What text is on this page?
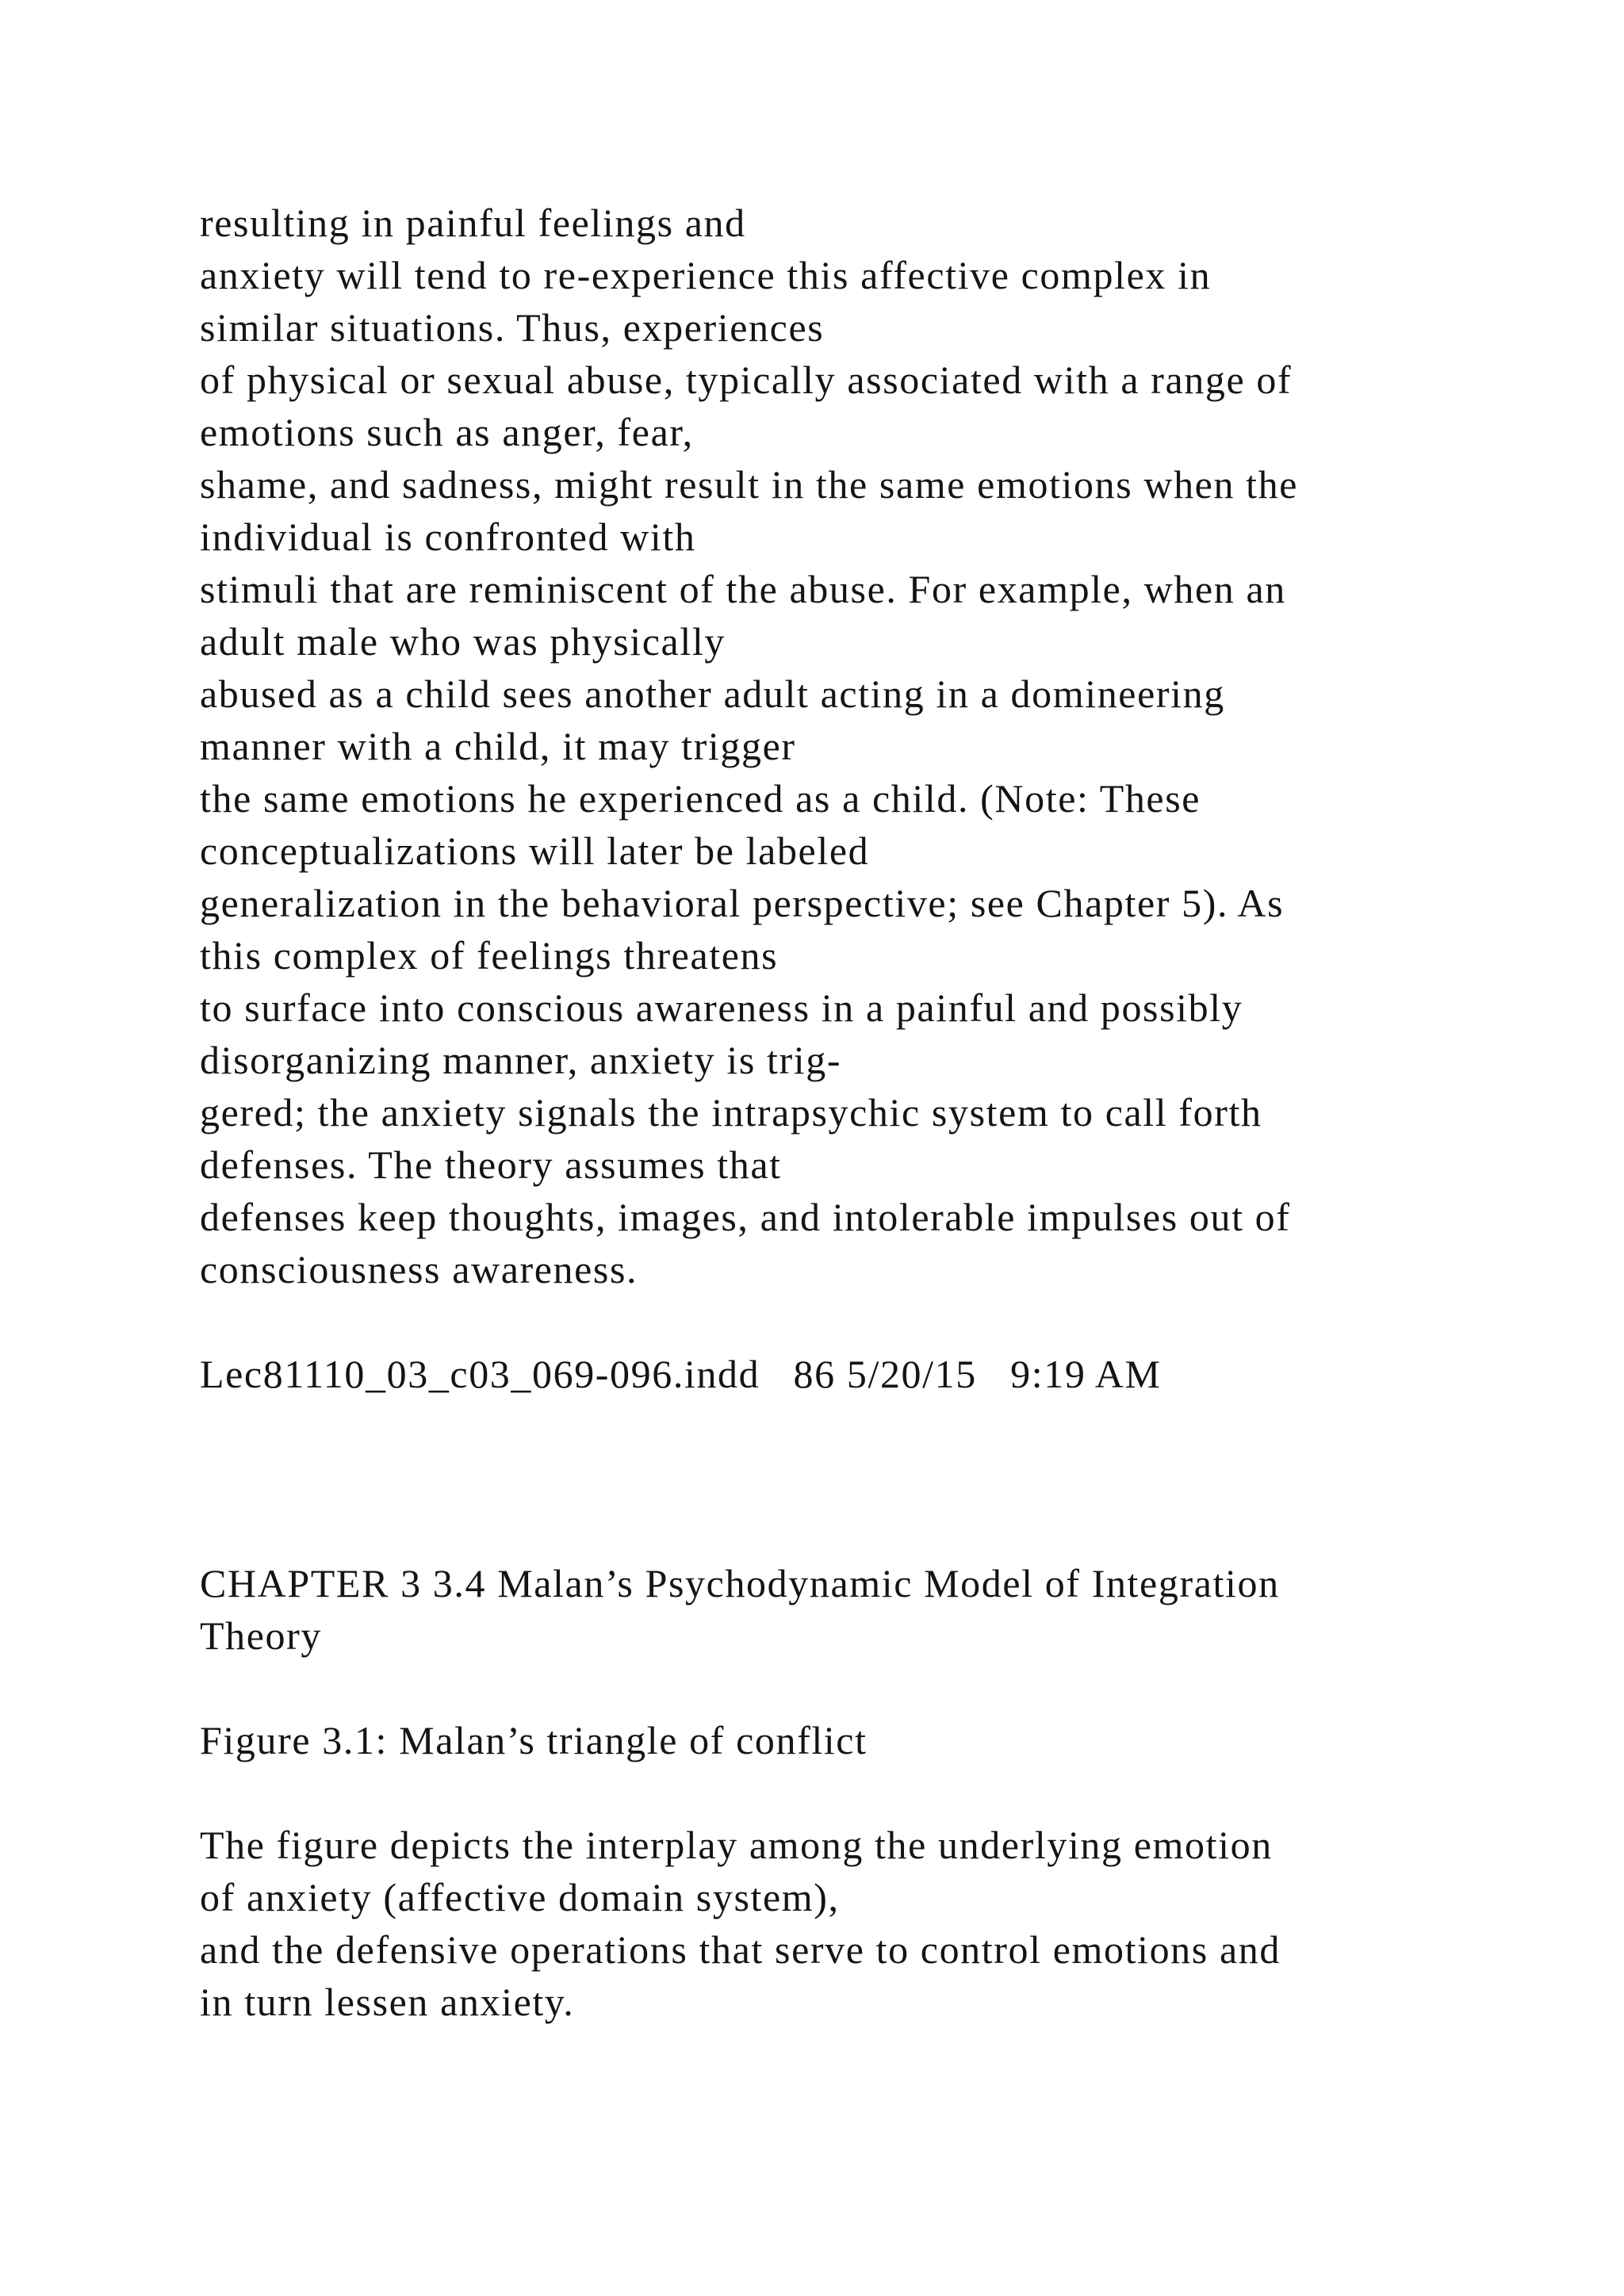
resulting in painful feelings and
anxiety will tend to re-experience this affective complex in
similar situations. Thus, experiences
of physical or sexual abuse, typically associated with a range of
emotions such as anger, fear,
shame, and sadness, might result in the same emotions when the
individual is confronted with
stimuli that are reminiscent of the abuse. For example, when an
adult male who was physically
abused as a child sees another adult acting in a domineering
manner with a child, it may trigger
the same emotions he experienced as a child. (Note: These
conceptualizations will later be labeled
generalization in the behavioral perspective; see Chapter 5). As
this complex of feelings threatens
to surface into conscious awareness in a painful and possibly
disorganizing manner, anxiety is trig-
gered; the anxiety signals the intrapsychic system to call forth
defenses. The theory assumes that
defenses keep thoughts, images, and intolerable impulses out of
consciousness awareness.
Lec81110_03_c03_069-096.indd   86 5/20/15   9:19 AM
CHAPTER 3 3.4 Malan’s Psychodynamic Model of Integration
Theory
Figure 3.1: Malan’s triangle of conflict
The figure depicts the interplay among the underlying emotion
of anxiety (affective domain system),
and the defensive operations that serve to control emotions and
in turn lessen anxiety.
